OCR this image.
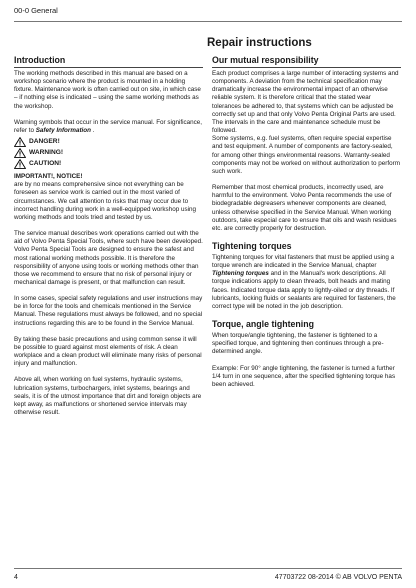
00-0 General
Repair instructions
Introduction

The working methods described in this manual are based on a workshop scenario where the product is mounted in a holding fixture. Maintenance work is often carried out on site, in which case – if nothing else is indicated – using the same working methods as the workshop.

Warning symbols that occur in the service manual. For significance, refer to Safety Information .

DANGER!
WARNING!
CAUTION!
IMPORTANT!, NOTICE!

are by no means comprehensive since not everything can be foreseen as service work is carried out in the most varied of circumstances. We call attention to risks that may occur due to incorrect handling during work in a well-equipped workshop using working methods and tools tried and tested by us.

The service manual describes work operations carried out with the aid of Volvo Penta Special Tools, where such have been developed. Volvo Penta Special Tools are designed to ensure the safest and most rational working methods possible. It is therefore the responsibility of anyone using tools or working methods other than those we recommend to ensure that no risk of personal injury or mechanical damage is present, or that malfunction can result.

In some cases, special safety regulations and user instructions may be in force for the tools and chemicals mentioned in the Service Manual. These regulations must always be followed, and no special instructions regarding this are to be found in the Service Manual.

By taking these basic precautions and using common sense it will be possible to guard against most elements of risk. A clean workplace and a clean product will eliminate many risks of personal injury and malfunction.

Above all, when working on fuel systems, hydraulic systems, lubrication systems, turbochargers, inlet systems, bearings and seals, it is of the utmost importance that dirt and foreign objects are kept away, as malfunctions or shortened service intervals may otherwise result.

Our mutual responsibility

Each product comprises a large number of interacting systems and components. A deviation from the technical specification may dramatically increase the environmental impact of an otherwise reliable system. It is therefore critical that the stated wear tolerances be adhered to, that systems which can be adjusted be correctly set up and that only Volvo Penta Original Parts are used. The intervals in the care and maintenance schedule must be followed.

Some systems, e.g. fuel systems, often require special expertise and test equipment. A number of components are factory-sealed, for among other things environmental reasons. Warranty-sealed components may not be worked on without authorization to perform such work.

Remember that most chemical products, incorrectly used, are harmful to the environment. Volvo Penta recommends the use of biodegradable degreasers whenever components are cleaned, unless otherwise specified in the Service Manual. When working outdoors, take especial care to ensure that oils and wash residues etc. are correctly properly for destruction.

Tightening torques

Tightening torques for vital fasteners that must be applied using a torque wrench are indicated in the Service Manual, chapter Tightening torques and in the Manual's work descriptions. All torque indications apply to clean threads, bolt heads and mating faces. Indicated torque data apply to lightly-oiled or dry threads. If lubricants, locking fluids or sealants are required for fasteners, the correct type will be noted in the job description.

Torque, angle tightening

When torque/angle tightening, the fastener is tightened to a specified torque, and tightening then continues through a pre-determined angle.

Example: For 90° angle tightening, the fastener is turned a further 1/4 turn in one sequence, after the specified tightening torque has been achieved.

4	47703722 08-2014 © AB VOLVO PENTA
